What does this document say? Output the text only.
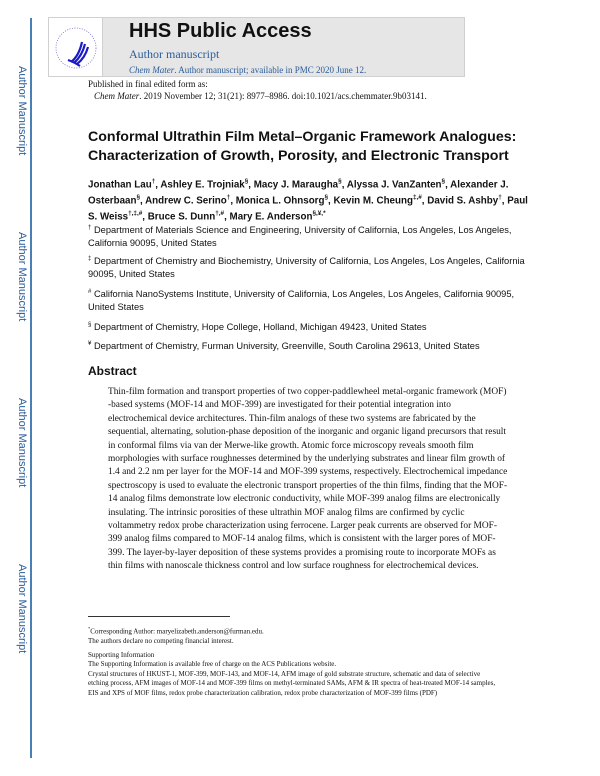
Author Manuscript
Author Manuscript
Author Manuscript
Author Manuscript
HHS Public Access
Author manuscript
Chem Mater. Author manuscript; available in PMC 2020 June 12.
Published in final edited form as:
Chem Mater. 2019 November 12; 31(21): 8977–8986. doi:10.1021/acs.chemmater.9b03141.
Conformal Ultrathin Film Metal–Organic Framework Analogues: Characterization of Growth, Porosity, and Electronic Transport
Jonathan Lau†, Ashley E. Trojniak§, Macy J. Maraugha§, Alyssa J. VanZanten§, Alexander J. Osterbaan§, Andrew C. Serino†, Monica L. Ohnsorg§, Kevin M. Cheung‡,#, David S. Ashby†, Paul S. Weiss†,‡,#, Bruce S. Dunn†,#, Mary E. Anderson§,¥,*
† Department of Materials Science and Engineering, University of California, Los Angeles, Los Angeles, California 90095, United States
‡ Department of Chemistry and Biochemistry, University of California, Los Angeles, Los Angeles, California 90095, United States
# California NanoSystems Institute, University of California, Los Angeles, Los Angeles, California 90095, United States
§ Department of Chemistry, Hope College, Holland, Michigan 49423, United States
¥ Department of Chemistry, Furman University, Greenville, South Carolina 29613, United States
Abstract
Thin-film formation and transport properties of two copper-paddlewheel metal-organic framework (MOF) -based systems (MOF-14 and MOF-399) are investigated for their potential integration into electrochemical device architectures. Thin-film analogs of these two systems are fabricated by the sequential, alternating, solution-phase deposition of the inorganic and organic ligand precursors that result in conformal films via van der Merwe-like growth. Atomic force microscopy reveals smooth film morphologies with surface roughnesses determined by the underlying substrates and linear film growth of 1.4 and 2.2 nm per layer for the MOF-14 and MOF-399 systems, respectively. Electrochemical impedance spectroscopy is used to evaluate the electronic transport properties of the thin films, finding that the MOF-14 analog films demonstrate low electronic conductivity, while MOF-399 analog films are electronically insulating. The intrinsic porosities of these ultrathin MOF analog films are confirmed by cyclic voltammetry redox probe characterization using ferrocene. Larger peak currents are observed for MOF-399 analog films compared to MOF-14 analog films, which is consistent with the larger pores of MOF-399. The layer-by-layer deposition of these systems provides a promising route to incorporate MOFs as thin films with nanoscale thickness control and low surface roughness for electrochemical devices.
*Corresponding Author: maryelizabeth.anderson@furman.edu.
The authors declare no competing financial interest.
Supporting Information
The Supporting Information is available free of charge on the ACS Publications website.
Crystal structures of HKUST-1, MOF-399, MOF-143, and MOF-14, AFM image of gold substrate structure, schematic and data of selective etching process, AFM images of MOF-14 and MOF-399 films on methyl-terminated SAMs, AFM & IR spectra of heat-treated MOF-14 samples, EIS and XPS of MOF films, redox probe characterization calibration, redox probe characterization of MOF-399 films (PDF)
